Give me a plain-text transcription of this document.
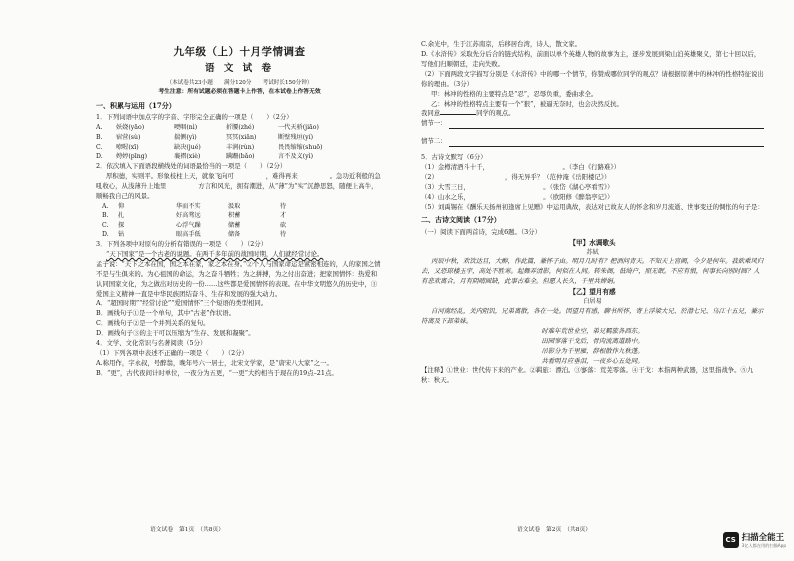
九年级（上）十月学情调查
语 文 试 卷
（本试卷共23小题　　满分120分　　考试时长150分钟）
考生注意：所有试题必须在答题卡上作答，在本试卷上作答无效
一、积累与运用（17分）

1．下列词语中加点字的字音、字形完全正确的一项是（　　）（2分）

A.	妖娆(yāo)	哽咽(nì)	折腰(zhé)	一代天骄(jiāo)
B.	宿营(sù)	揣侧(yì)	冥冥(xiān)	断壁残垣(yí)
C.	嘹喔(xī)	缺决(jué)	丰润(rùn)	畏畏缩缩(shuō)
D.	娉婷(pīng)	襄褶(xiè)	蹒跚(bǎo)	言不及义(yì)

2．依次填入下面语段横线处的词语最恰当的一项是（　　）（2分）

厚积德，实则平。形象枝柱上天，就象飞向可　　　　　，难得再来　　　　　。急功近利般的急吼收心，从浅薄升上地里　　　　　方言和风光，拥有潮进，从“薄”为“实”沉静思怒，随便上高牛，顺畅我自己的风景。

A.	仰	华而不实	汲取	待
B.	扎	好高骛远	积蓄	才
C.	探	心浮气躁	储蓄	砍
D.	钻	眼高手低	储备	待

3．下列各项中对原句的分析有错误的一项是（　　）（2分）

“天下国家”是一个古老的说题。在两千多年前的战国时期，人们就经常讨论。

孟子说：“天下之本在国，国之本在家，家之本在身。”②个人与国家命运是紧密相连的，人的家国之情不是与生俱来的。为心祖国的命运，为之奋斗牺牲；为之拼搏，为之付出奋进；把家国情怀：热爱和认同国家文化，为之做出对历史的一份……这些都是爱国情怀的表现。在中华文明悠久的历史中，③爱国主义精神一直是中华民族团结奋斗、生存和发展的强大动力。

A．“超国时期”“经常讨论”“爱国情怀”三个短语的类型相同。
B．画线句子①是一个单句，其中“古老”作状语。
C．画线句子②是一个并列关系的复句。
D．画线句子③的主干可以压缩为“生存、发展和凝聚”。

4．文学、文化常识与名著阅读（5分）

（1）下列各项中表述不正确的一项是（　　）（2分）

A.称用作，字永叔，号醉翁，晚年号六一居士，北宋文学家，是“唐宋八大家”之一。

B．“更”，古代夜间计时单位，一夜分为五更，“一更”大约相当于现在的19点–21点。

语文试卷　第1页　（共8页）

C.余光中，生于江苏南京，后移居台湾，诗人，散文家。

D.《水浒传》采取先分后合的链式结构，前面以单个英雄人物的故事为主，逐步发展到梁山泊英雄聚义，第七十回以后，写他们归顺朝廷，走向失败。

（2）下面两段文字描写分别是《水浒传》中的哪一个情节，你赞成哪位同学的观点？请根据原著中的林冲的性格特征说出你的理由。（3分）

甲：林冲的性格的主要特点是“忍”，忍辱负重，委曲求全。

乙：林冲的性格特点主要有一个“狠”，被逼无奈时，也会决然反抗。

我同意	同学的观点。

情节一：
情节二：

5．古诗文默写（6分）

（1）金樽清酒斗十千，　　　　　　　　　　　　。（李白《行路难》）
（2）　　　　　　　　　　　，得无异乎？（范仲淹《岳阳楼记》）
（3）大雪三日，　　　　　　　　　　　　。（张岱《湖心亭看雪》）
（4）山水之乐，　　　　　　　　　　　　。（欧阳修《醉翁亭记》）

（5）刘禹锡在《酬乐天扬州初逢席上见赠》中运用典故，表达对已故友人的怀念和岁月流逝、世事变迁的惆怅的句子是：

二、古诗文阅读（17分）

（一）阅读下面两首诗，完成6题。（3分）

【甲】水调歌头
苏轼

丙辰中秋，欢饮达旦，大醉，作此篇，兼怀子由。明月几时有？把酒问青天。不知天上宫阙，今夕是何年。我欲乘风归去，又恐琼楼玉宇，高处不胜寒。起舞弄清影，何似在人间。转朱阁，低绮户，照无眠。不应有恨，何事长向别时圆？人有悲欢离合，月有阴晴圆缺，此事古难全。但愿人长久，千里共婵娟。

【乙】望月有感
白居易

自河南经乱，关内阻饥，兄弟离散，各在一处。因望月有感，聊书所怀，寄上浮梁大兄、於潜七兄、乌江十五兄，兼示符离及下邽弟妹。

时难年荒世业空，弟兄羁旅各西东。
田园寥落干戈后，骨肉流离道路中。
吊影分为千里雁，辞根散作九秋蓬。
共看明月应垂泪，一夜乡心五处同。

【注释】①世业：世代传下来的产业。②羁旅：漂泊。③寥落：荒芜零落。④干戈：本指两种武器，这里指战争。⑤九秋：秋天。

语文试卷　第2页　（共8页）
CS 扫描全能王
3亿人都在用的扫描App
